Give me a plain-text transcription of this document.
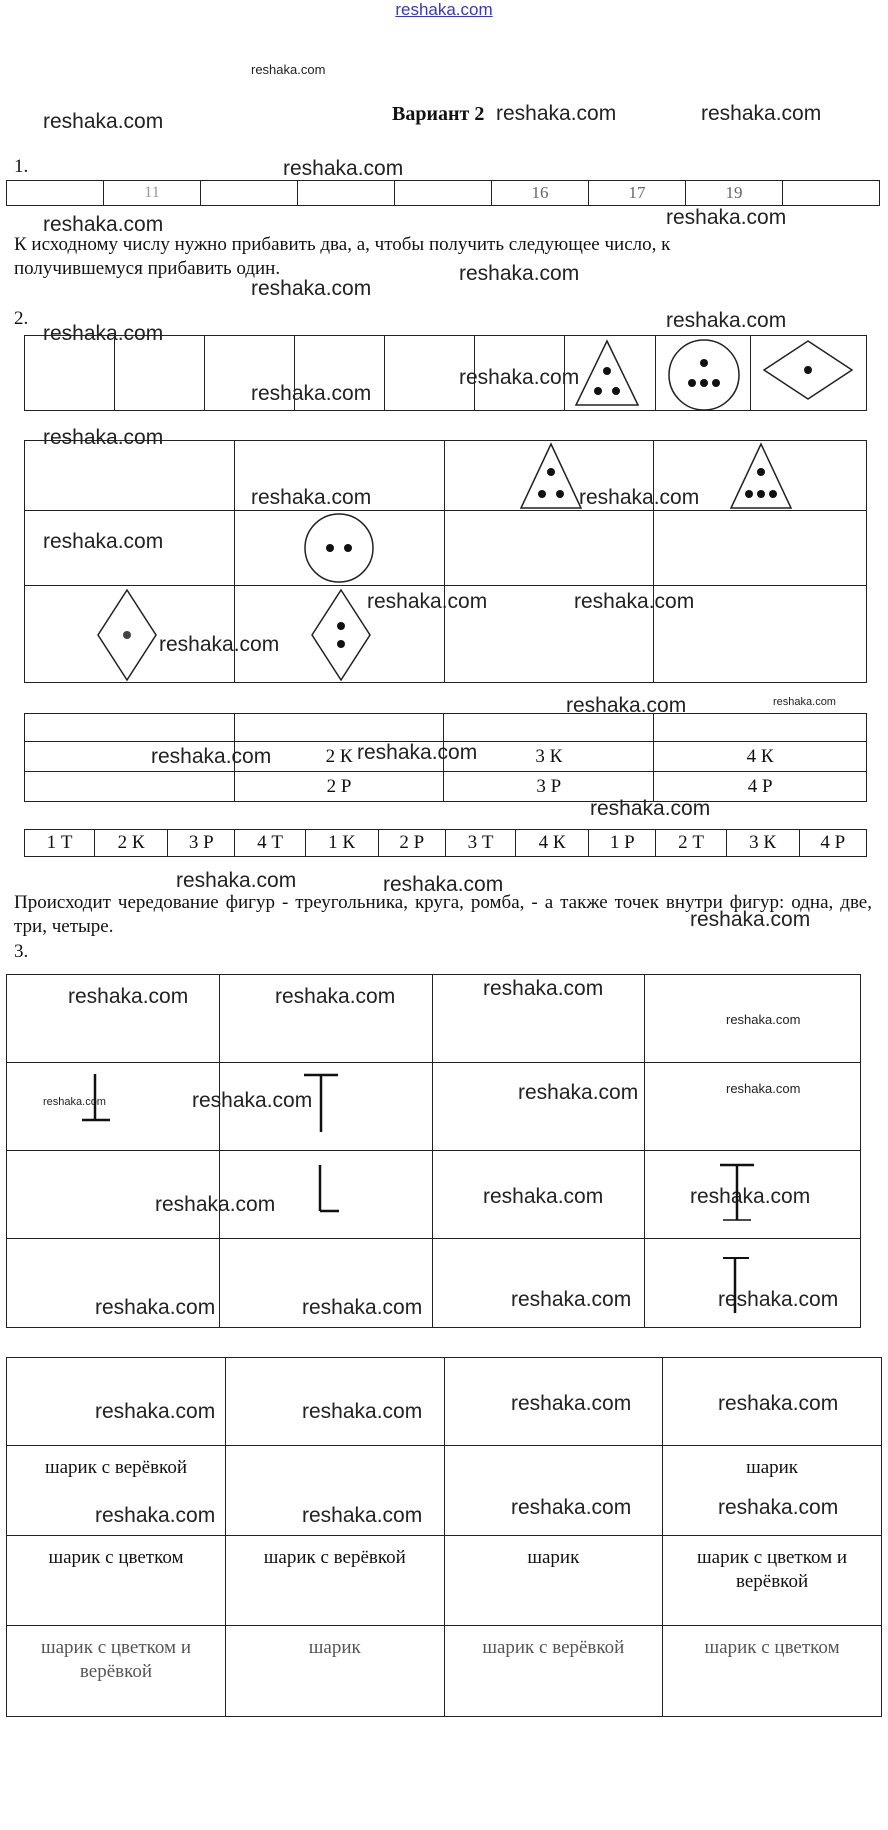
reshaka.com
Вариант 2
reshaka.com
reshaka.com	reshaka.com	reshaka.com
reshaka.com
reshaka.com	reshaka.com
reshaka.com
reshaka.com
reshaka.com
reshaka.com
reshaka.com
reshaka.com
reshaka.com
reshaka.com	reshaka.com
reshaka.com
reshaka.com	reshaka.com
reshaka.com
reshaka.com	reshaka.com
reshaka.com	reshaka.com
reshaka.com
reshaka.com	reshaka.com
reshaka.com
reshaka.com	reshaka.com	reshaka.com
reshaka.com
reshaka.com	reshaka.com	reshaka.com	reshaka.com
reshaka.com	reshaka.com	reshaka.com
reshaka.com	reshaka.com	reshaka.com	reshaka.com
reshaka.com	reshaka.com	reshaka.com	reshaka.com
reshaka.com	reshaka.com	reshaka.com	reshaka.com
1.
	11				16	17	19	
К исходному числу нужно прибавить два, а, чтобы получить следующее число, к получившемуся прибавить один.
2.

	2 К	3 К	4 К
	2 Р	3 Р	4 Р
1 Т	2 К	3 Р	4 Т	1 К	2 Р	3 Т	4 К	1 Р	2 Т	3 К	4 Р
Происходит чередование фигур - треугольника, круга, ромба, - а также точек внутри фигур: одна, две, три, четыре.
3.

шарик с верёвкой			шарик

шарик с цветком	шарик с верёвкой	шарик	шарик с цветком и верёвкой

шарик с цветком и верёвкой	шарик	шарик с верёвкой	шарик с цветком
